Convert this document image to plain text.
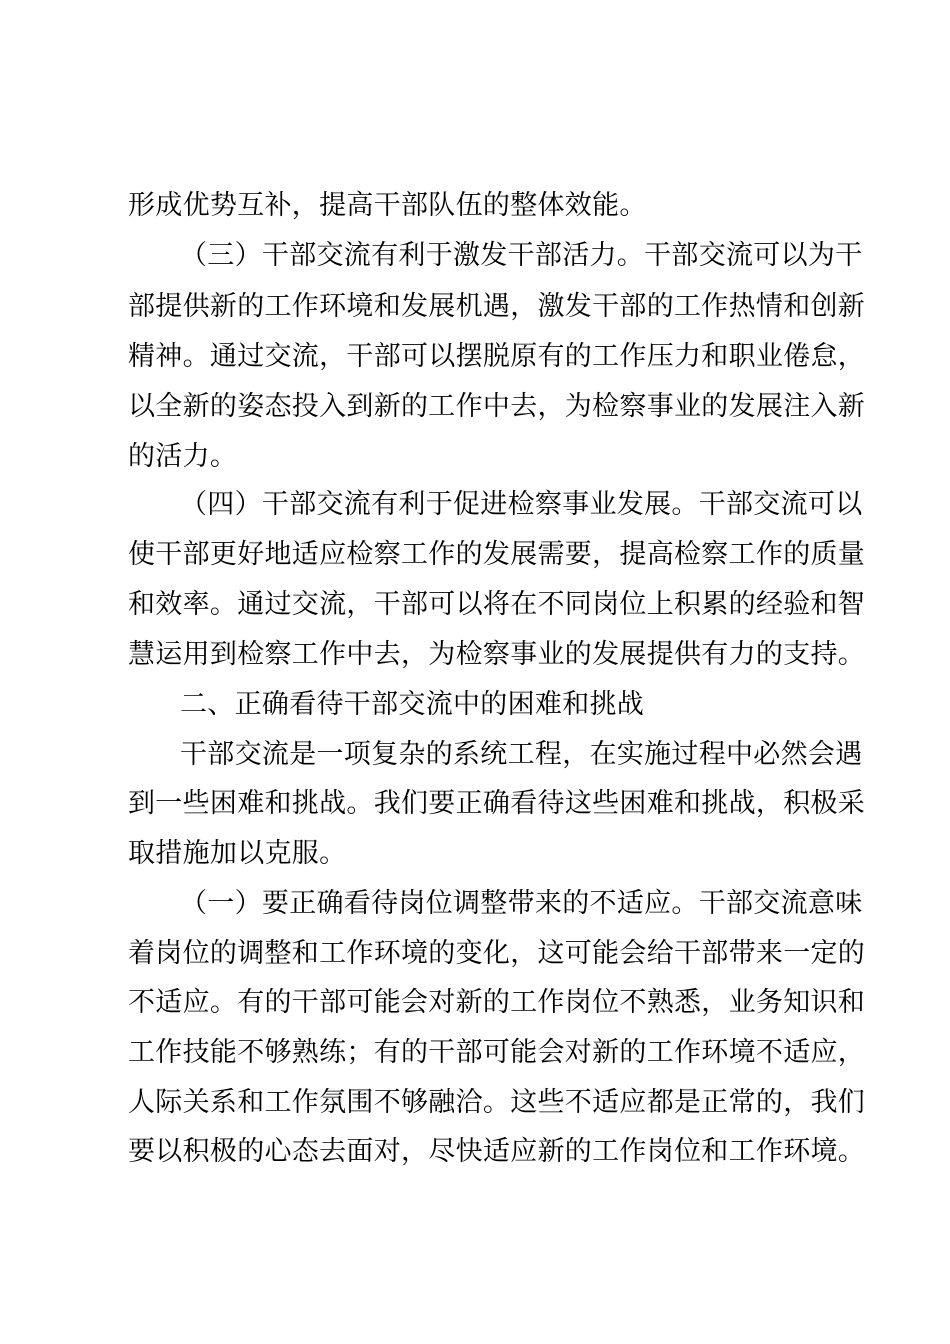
形成优势互补，提高干部队伍的整体效能。
（三）干部交流有利于激发干部活力。干部交流可以为干
部提供新的工作环境和发展机遇，激发干部的工作热情和创新
精神。通过交流，干部可以摆脱原有的工作压力和职业倦怠，
以全新的姿态投入到新的工作中去，为检察事业的发展注入新
的活力。
（四）干部交流有利于促进检察事业发展。干部交流可以
使干部更好地适应检察工作的发展需要，提高检察工作的质量
和效率。通过交流，干部可以将在不同岗位上积累的经验和智
慧运用到检察工作中去，为检察事业的发展提供有力的支持。
二、正确看待干部交流中的困难和挑战
干部交流是一项复杂的系统工程，在实施过程中必然会遇
到一些困难和挑战。我们要正确看待这些困难和挑战，积极采
取措施加以克服。
（一）要正确看待岗位调整带来的不适应。干部交流意味
着岗位的调整和工作环境的变化，这可能会给干部带来一定的
不适应。有的干部可能会对新的工作岗位不熟悉，业务知识和
工作技能不够熟练；有的干部可能会对新的工作环境不适应，
人际关系和工作氛围不够融洽。这些不适应都是正常的，我们
要以积极的心态去面对，尽快适应新的工作岗位和工作环境。
